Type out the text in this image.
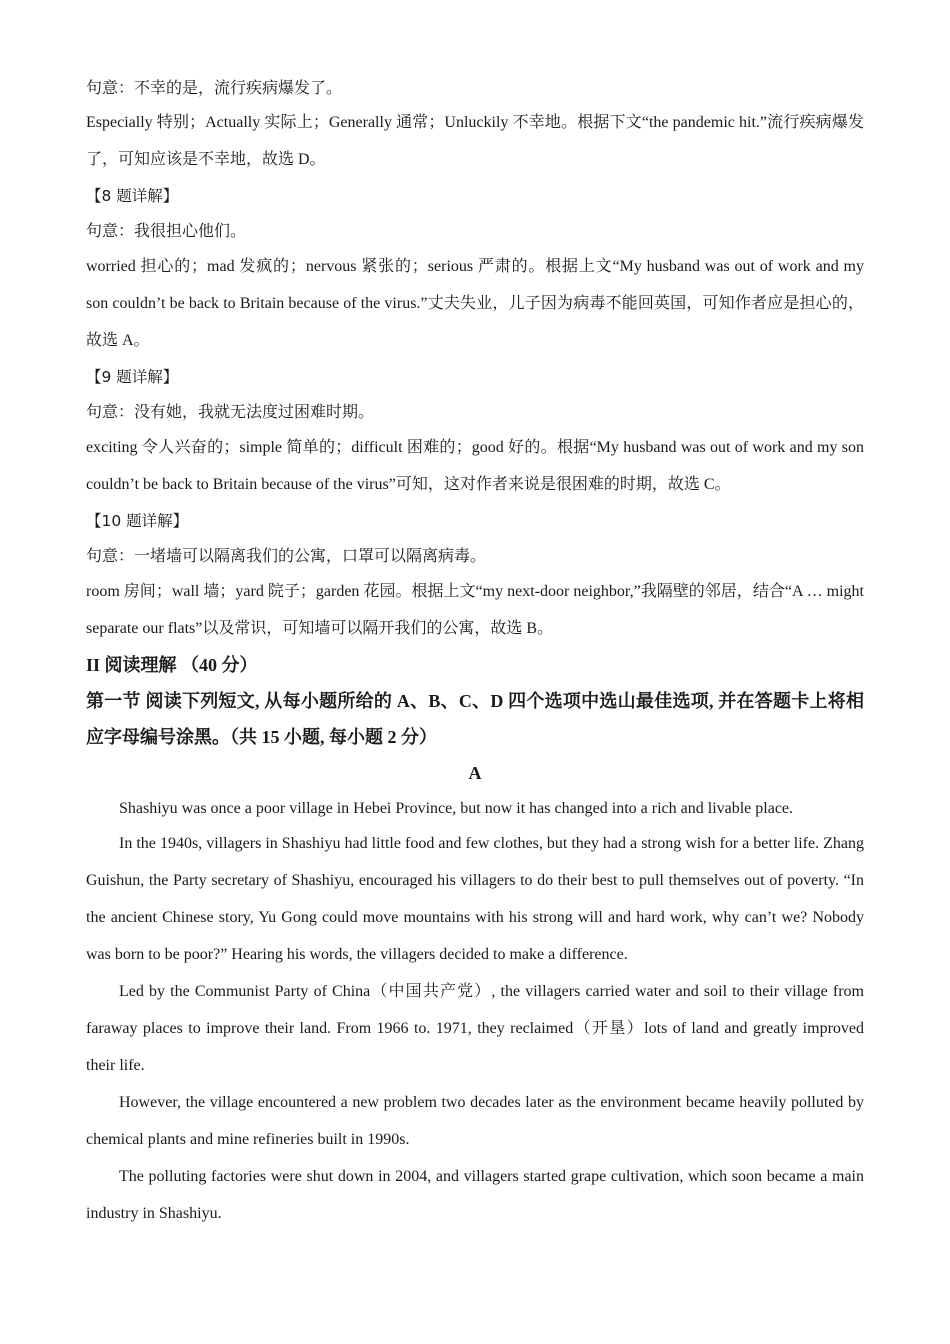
句意：不幸的是，流行疾病爆发了。

Especially 特别；Actually 实际上；Generally 通常；Unluckily 不幸地。根据下文“the pandemic hit.”流行疾病爆发了，可知应该是不幸地，故选 D。

【8 题详解】

句意：我很担心他们。

worried 担心的；mad 发疯的；nervous 紧张的；serious 严肃的。根据上文“My husband was out of work and my son couldn’t be back to Britain because of the virus.”丈夫失业，儿子因为病毒不能回英国，可知作者应是担心的，故选 A。

【9 题详解】

句意：没有她，我就无法度过困难时期。

exciting 令人兴奋的；simple 简单的；difficult 困难的；good 好的。根据“My husband was out of work and my son couldn’t be back to Britain because of the virus”可知，这对作者来说是很困难的时期，故选 C。

【10 题详解】

句意：一堵墙可以隔离我们的公寓，口罩可以隔离病毒。

room 房间；wall 墙；yard 院子；garden 花园。根据上文“my next-door neighbor,”我隔壁的邻居，结合“A … might separate our flats”以及常识，可知墙可以隔开我们的公寓，故选 B。

II 阅读理解 （40 分）

第一节 阅读下列短文, 从每小题所给的 A、B、C、D 四个选项中选山最佳选项, 并在答题卡上将相应字母编号涂黑。（共 15 小题, 每小题 2 分）

A

Shashiyu was once a poor village in Hebei Province, but now it has changed into a rich and livable place.

In the 1940s, villagers in Shashiyu had little food and few clothes, but they had a strong wish for a better life. Zhang Guishun, the Party secretary of Shashiyu, encouraged his villagers to do their best to pull themselves out of poverty. “In the ancient Chinese story, Yu Gong could move mountains with his strong will and hard work, why can’t we? Nobody was born to be poor?” Hearing his words, the villagers decided to make a difference.

Led by the Communist Party of China（中国共产党）, the villagers carried water and soil to their village from faraway places to improve their land. From 1966 to. 1971, they reclaimed（开垦）lots of land and greatly improved their life.

However, the village encountered a new problem two decades later as the environment became heavily polluted by chemical plants and mine refineries built in 1990s.

The polluting factories were shut down in 2004, and villagers started grape cultivation, which soon became a main industry in Shashiyu.
